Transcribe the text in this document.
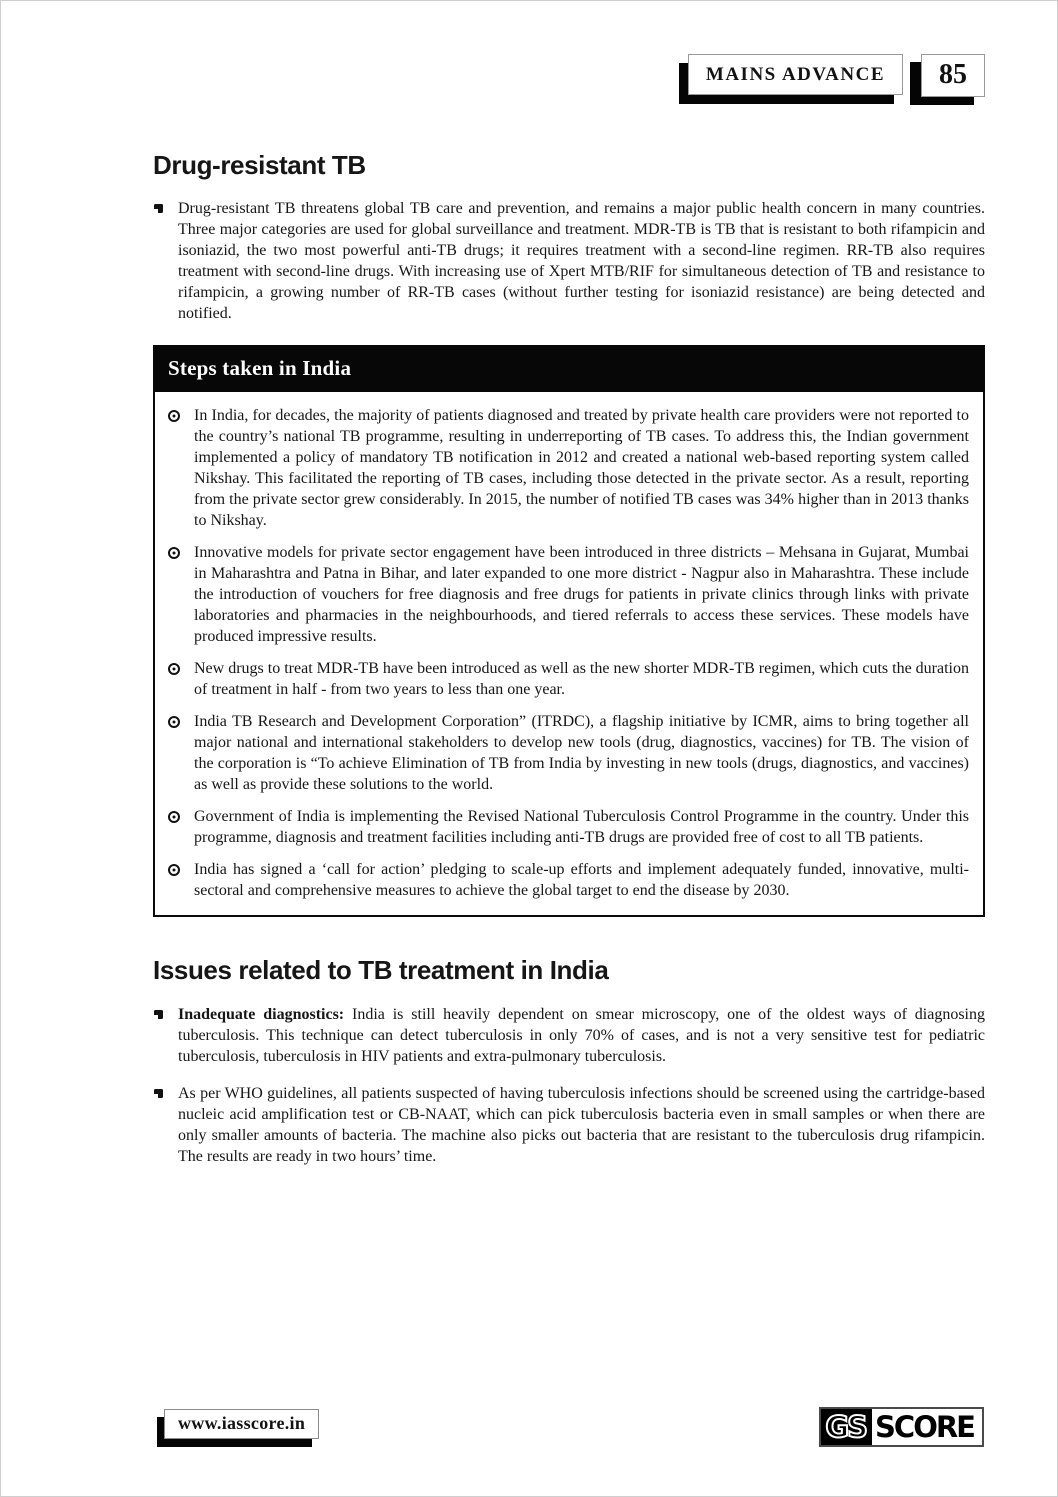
MAINS ADVANCE	85
Drug-resistant TB

Drug-resistant TB threatens global TB care and prevention, and remains a major public health concern in many countries. Three major categories are used for global surveillance and treatment. MDR-TB is TB that is resistant to both rifampicin and isoniazid, the two most powerful anti-TB drugs; it requires treatment with a second-line regimen. RR-TB also requires treatment with second-line drugs. With increasing use of Xpert MTB/RIF for simultaneous detection of TB and resistance to rifampicin, a growing number of RR-TB cases (without further testing for isoniazid resistance) are being detected and notified.

Steps taken in India

In India, for decades, the majority of patients diagnosed and treated by private health care providers were not reported to the country’s national TB programme, resulting in underreporting of TB cases. To address this, the Indian government implemented a policy of mandatory TB notification in 2012 and created a national web-based reporting system called Nikshay. This facilitated the reporting of TB cases, including those detected in the private sector. As a result, reporting from the private sector grew considerably. In 2015, the number of notified TB cases was 34% higher than in 2013 thanks to Nikshay.

Innovative models for private sector engagement have been introduced in three districts – Mehsana in Gujarat, Mumbai in Maharashtra and Patna in Bihar, and later expanded to one more district - Nagpur also in Maharashtra. These include the introduction of vouchers for free diagnosis and free drugs for patients in private clinics through links with private laboratories and pharmacies in the neighbourhoods, and tiered referrals to access these services. These models have produced impressive results.

New drugs to treat MDR-TB have been introduced as well as the new shorter MDR-TB regimen, which cuts the duration of treatment in half - from two years to less than one year.

India TB Research and Development Corporation” (ITRDC), a flagship initiative by ICMR, aims to bring together all major national and international stakeholders to develop new tools (drug, diagnostics, vaccines) for TB. The vision of the corporation is “To achieve Elimination of TB from India by investing in new tools (drugs, diagnostics, and vaccines) as well as provide these solutions to the world.

Government of India is implementing the Revised National Tuberculosis Control Programme in the country. Under this programme, diagnosis and treatment facilities including anti-TB drugs are provided free of cost to all TB patients.

India has signed a ‘call for action’ pledging to scale-up efforts and implement adequately funded, innovative, multi-sectoral and comprehensive measures to achieve the global target to end the disease by 2030.

Issues related to TB treatment in India

Inadequate diagnostics: India is still heavily dependent on smear microscopy, one of the oldest ways of diagnosing tuberculosis. This technique can detect tuberculosis in only 70% of cases, and is not a very sensitive test for pediatric tuberculosis, tuberculosis in HIV patients and extra-pulmonary tuberculosis.

As per WHO guidelines, all patients suspected of having tuberculosis infections should be screened using the cartridge-based nucleic acid amplification test or CB-NAAT, which can pick tuberculosis bacteria even in small samples or when there are only smaller amounts of bacteria. The machine also picks out bacteria that are resistant to the tuberculosis drug rifampicin. The results are ready in two hours’ time.

www.iasscore.in	GS SCORE
